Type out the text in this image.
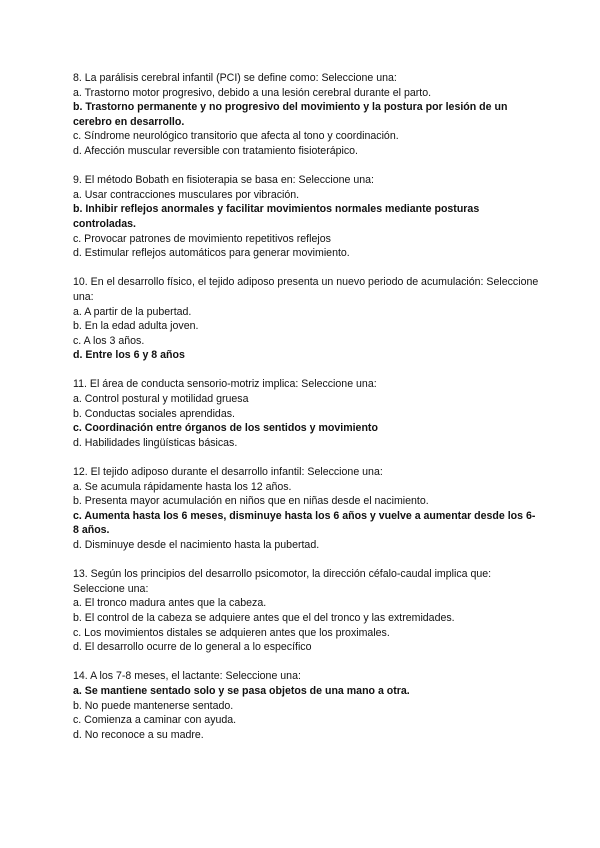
8. La parálisis cerebral infantil (PCI) se define como: Seleccione una:

a. Trastorno motor progresivo, debido a una lesión cerebral durante el parto.

b. Trastorno permanente y no progresivo del movimiento y la postura por lesión de un cerebro en desarrollo.

c. Síndrome neurológico transitorio que afecta al tono y coordinación.

d. Afección muscular reversible con tratamiento fisioterápico.

9. El método Bobath en fisioterapia se basa en: Seleccione una:

a. Usar contracciones musculares por vibración.

b. Inhibir reflejos anormales y facilitar movimientos normales mediante posturas controladas.

c. Provocar patrones de movimiento repetitivos reflejos

d. Estimular reflejos automáticos para generar movimiento.

10. En el desarrollo físico, el tejido adiposo presenta un nuevo periodo de acumulación: Seleccione una:

a. A partir de la pubertad.

b. En la edad adulta joven.

c. A los 3 años.

d. Entre los 6 y 8 años

11. El área de conducta sensorio-motriz implica: Seleccione una:

a. Control postural y motilidad gruesa

b. Conductas sociales aprendidas.

c. Coordinación entre órganos de los sentidos y movimiento

d. Habilidades lingüísticas básicas.

12. El tejido adiposo durante el desarrollo infantil: Seleccione una:

a. Se acumula rápidamente hasta los 12 años.

b. Presenta mayor acumulación en niños que en niñas desde el nacimiento.

c. Aumenta hasta los 6 meses, disminuye hasta los 6 años y vuelve a aumentar desde los 6-8 años.

d. Disminuye desde el nacimiento hasta la pubertad.

13. Según los principios del desarrollo psicomotor, la dirección céfalo-caudal implica que: Seleccione una:

a. El tronco madura antes que la cabeza.

b. El control de la cabeza se adquiere antes que el del tronco y las extremidades.

c. Los movimientos distales se adquieren antes que los proximales.

d. El desarrollo ocurre de lo general a lo específico

14. A los 7-8 meses, el lactante: Seleccione una:

a. Se mantiene sentado solo y se pasa objetos de una mano a otra.

b. No puede mantenerse sentado.

c. Comienza a caminar con ayuda.

d. No reconoce a su madre.
